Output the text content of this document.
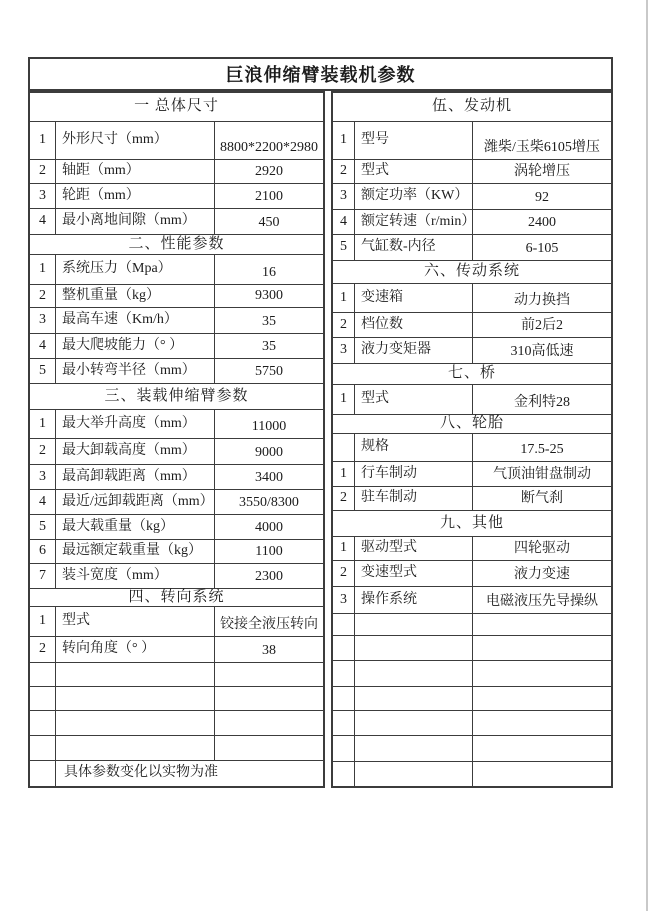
巨浪伸缩臂装载机参数
一 总体尺寸
1	外形尺寸（mm）	8800*2200*2980
2	轴距（mm）	2920
3	轮距（mm）	2100
4	最小离地间隙（mm）	450
二、性能参数
1	系统压力（Mpa）	16
2	整机重量（kg）	9300
3	最高车速（Km/h）	35
4	最大爬坡能力（° ）	35
5	最小转弯半径（mm）	5750
三、装载伸缩臂参数
1	最大举升高度（mm）	11000
2	最大卸载高度（mm）	9000
3	最高卸载距离（mm）	3400
4	最近/远卸载距离（mm）	3550/8300
5	最大载重量（kg）	4000
6	最远额定载重量（kg）	1100
7	装斗宽度（mm）	2300
四、转向系统
1	型式	铰接全液压转向
2	转向角度（° ）	38
具体参数变化以实物为准
伍、发动机
1	型号	潍柴/玉柴6105增压
2	型式	涡轮增压
3	额定功率（KW）	92
4	额定转速（r/min）	2400
5	气缸数-内径	6-105
六、传动系统
1	变速箱	动力换挡
2	档位数	前2后2
3	液力变矩器	310高低速
七、桥
1	型式	金利特28
八、轮胎
规格	17.5-25
1	行车制动	气顶油钳盘制动
2	驻车制动	断气刹
九、其他
1	驱动型式	四轮驱动
2	变速型式	液力变速
3	操作系统	电磁液压先导操纵
